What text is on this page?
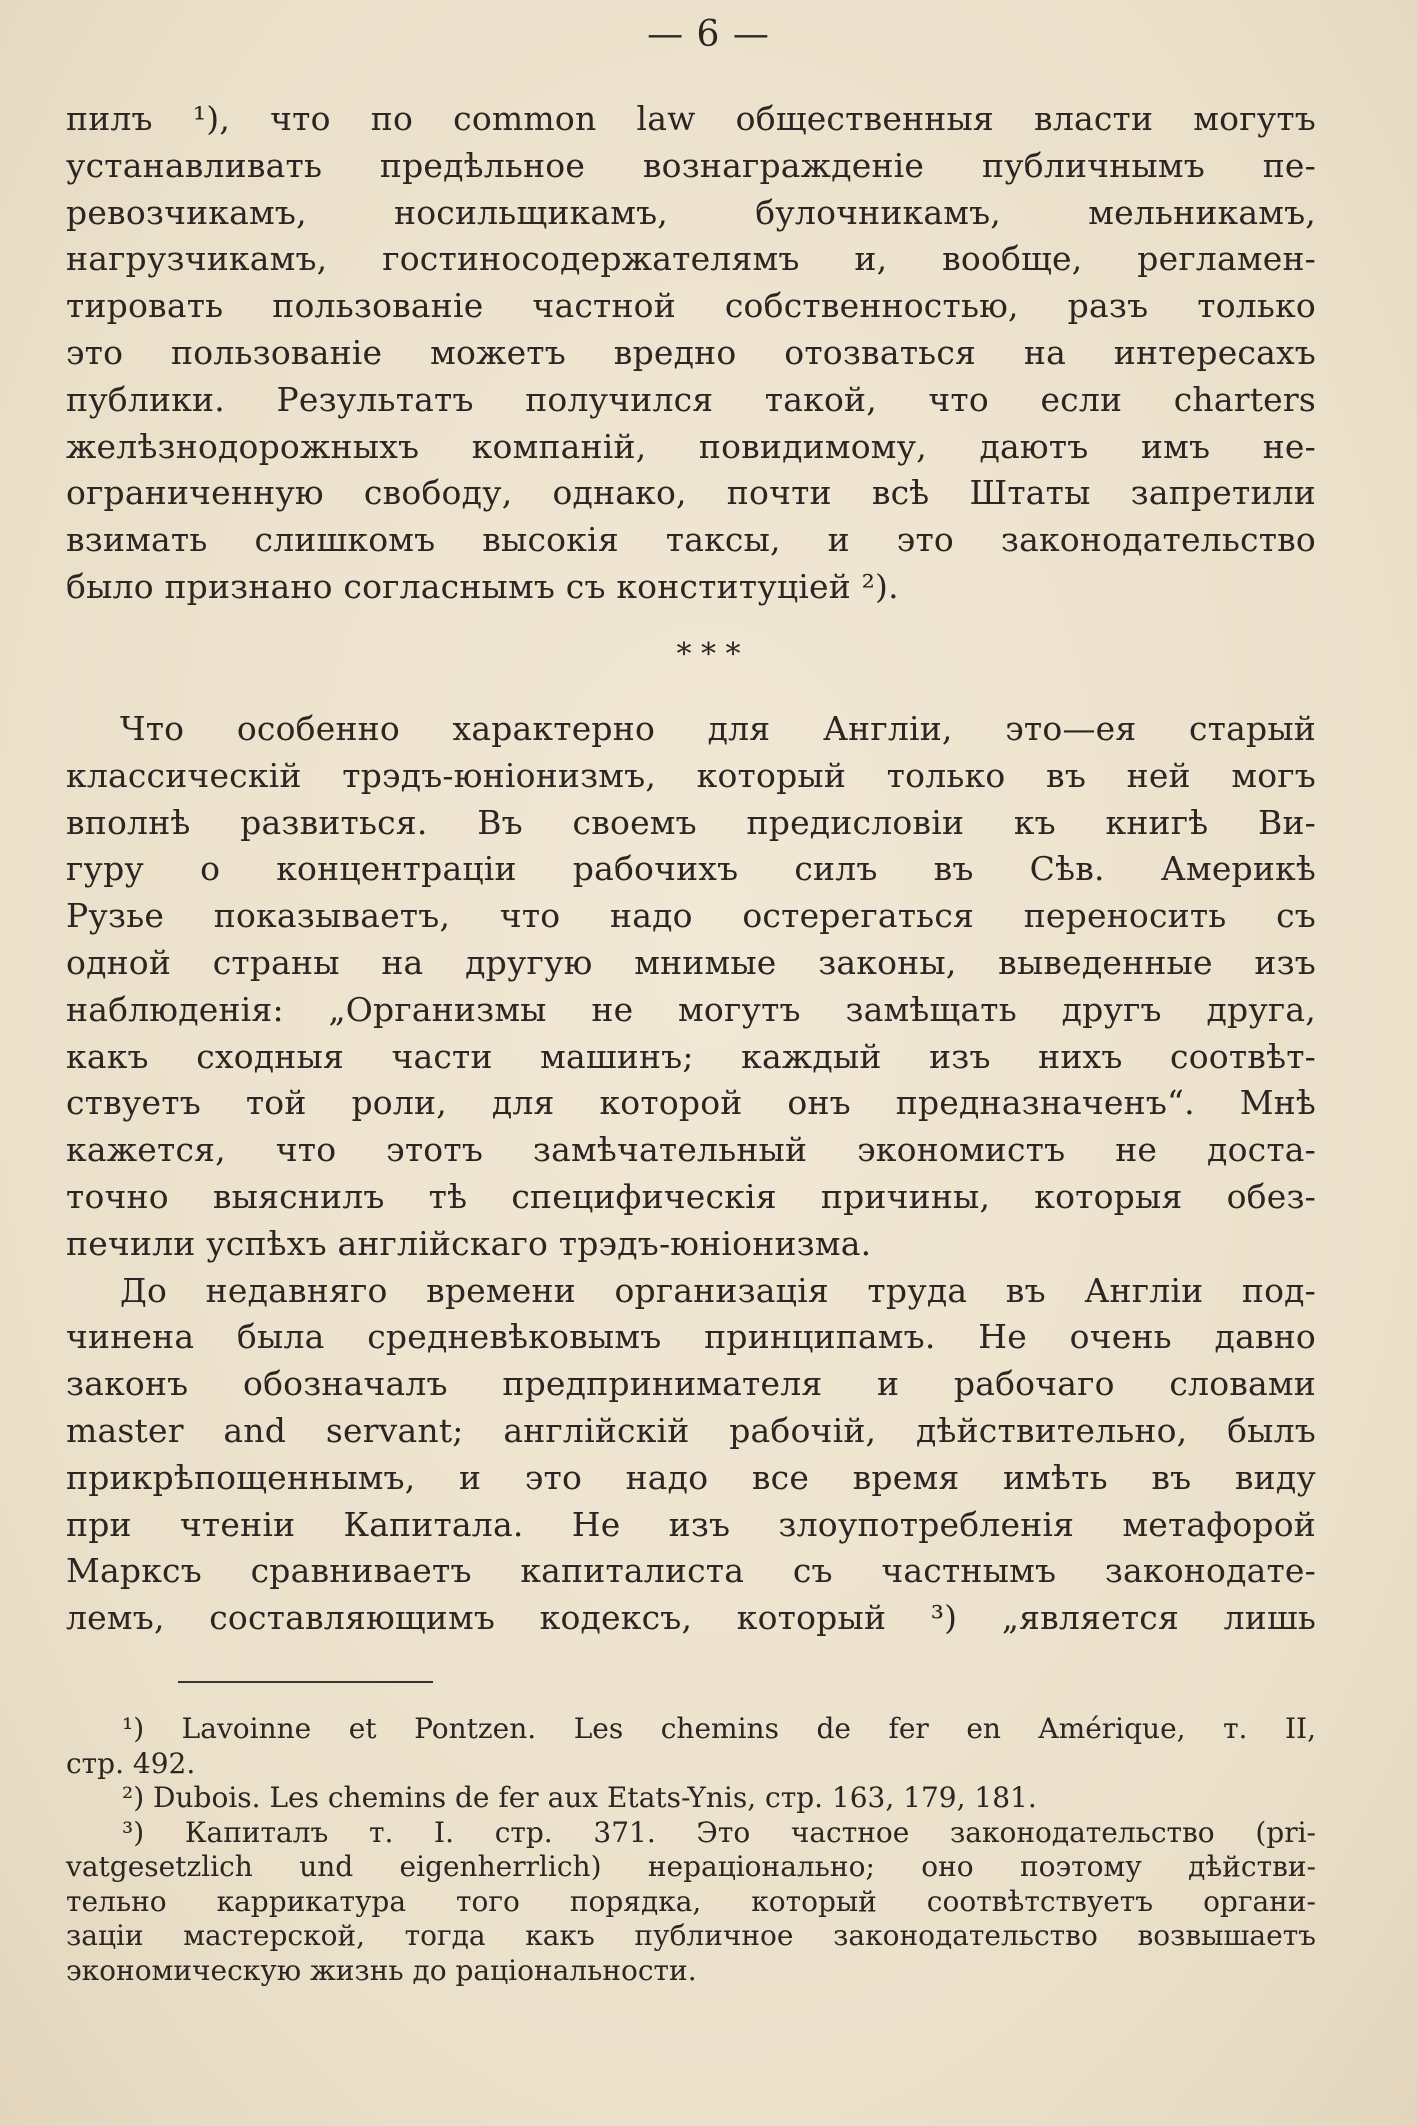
— 6 —
пилъ ¹), что по common law общественныя власти могутъ
устанавливать предѣльное вознагражденіе публичнымъ пе-
ревозчикамъ, носильщикамъ, булочникамъ, мельникамъ,
нагрузчикамъ, гостиносодержателямъ и, вообще, регламен-
тировать пользованіе частной собственностью, разъ только
это пользованіе можетъ вредно отозваться на интересахъ
публики. Результатъ получился такой, что если charters
желѣзнодорожныхъ компаній, повидимому, даютъ имъ не-
ограниченную свободу, однако, почти всѣ Штаты запретили
взимать слишкомъ высокія таксы, и это законодательство
было признано согласнымъ съ конституціей ²).
* * *
Что особенно характерно для Англіи, это—ея старый
классическій трэдъ-юніонизмъ, который только въ ней могъ
вполнѣ развиться. Въ своемъ предисловіи къ книгѣ Ви-
гуру о концентраціи рабочихъ силъ въ Сѣв. Америкѣ
Рузье показываетъ, что надо остерегаться переносить съ
одной страны на другую мнимые законы, выведенные изъ
наблюденія: „Организмы не могутъ замѣщать другъ друга,
какъ сходныя части машинъ; каждый изъ нихъ соотвѣт-
ствуетъ той роли, для которой онъ предназначенъ“. Мнѣ
кажется, что этотъ замѣчательный экономистъ не доста-
точно выяснилъ тѣ специфическія причины, которыя обез-
печили успѣхъ англійскаго трэдъ-юніонизма.
До недавняго времени организація труда въ Англіи под-
чинена была средневѣковымъ принципамъ. Не очень давно
законъ обозначалъ предпринимателя и рабочаго словами
master and servant; англійскій рабочій, дѣйствительно, былъ
прикрѣпощеннымъ, и это надо все время имѣть въ виду
при чтеніи Капитала. Не изъ злоупотребленія метафорой
Марксъ сравниваетъ капиталиста съ частнымъ законодате-
лемъ, составляющимъ кодексъ, который ³) „является лишь
¹) Lavoinne et Pontzen. Les chemins de fer en Amérique, т. II,
стр. 492.
²) Dubois. Les chemins de fer aux Etats-Ynis, стр. 163, 179, 181.
³) Капиталъ т. I. стр. 371. Это частное законодательство (pri-
vatgesetzlich und eigenherrlich) нераціонально; оно поэтому дѣйстви-
тельно каррикатура того порядка, который соотвѣтствуетъ органи-
заціи мастерской, тогда какъ публичное законодательство возвышаетъ
экономическую жизнь до раціональности.
